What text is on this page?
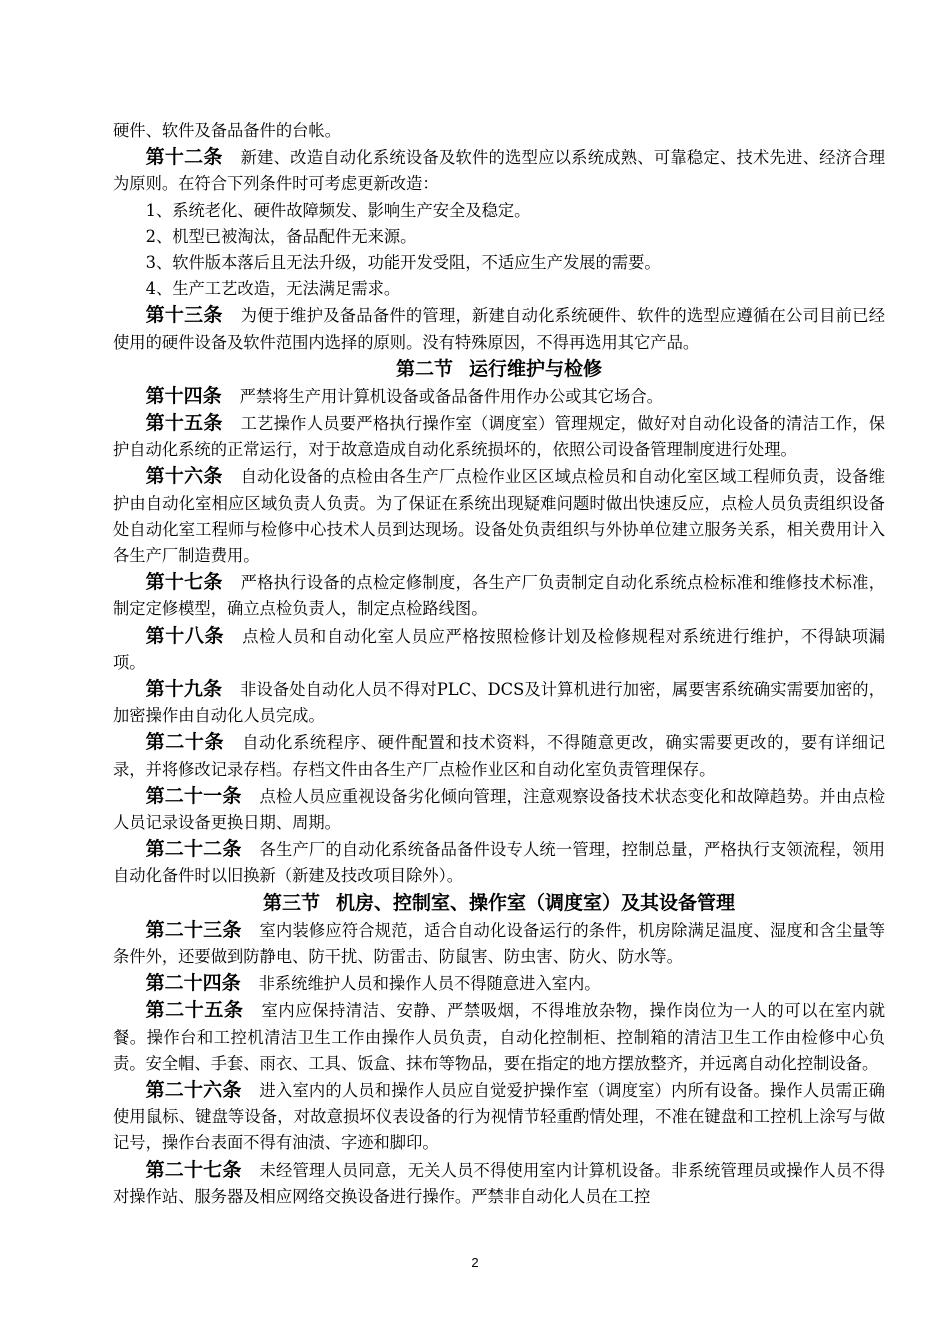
硬件、软件及备品备件的台帐。

第十二条 新建、改造自动化系统设备及软件的选型应以系统成熟、可靠稳定、技术先进、经济合理为原则。在符合下列条件时可考虑更新改造：

1、系统老化、硬件故障频发、影响生产安全及稳定。

2、机型已被淘汰，备品配件无来源。

3、软件版本落后且无法升级，功能开发受阻，不适应生产发展的需要。

4、生产工艺改造，无法满足需求。

第十三条 为便于维护及备品备件的管理，新建自动化系统硬件、软件的选型应遵循在公司目前已经使用的硬件设备及软件范围内选择的原则。没有特殊原因，不得再选用其它产品。

第二节 运行维护与检修

第十四条 严禁将生产用计算机设备或备品备件用作办公或其它场合。

第十五条 工艺操作人员要严格执行操作室（调度室）管理规定，做好对自动化设备的清洁工作，保护自动化系统的正常运行，对于故意造成自动化系统损坏的，依照公司设备管理制度进行处理。

第十六条 自动化设备的点检由各生产厂点检作业区区域点检员和自动化室区域工程师负责，设备维护由自动化室相应区域负责人负责。为了保证在系统出现疑难问题时做出快速反应，点检人员负责组织设备处自动化室工程师与检修中心技术人员到达现场。设备处负责组织与外协单位建立服务关系，相关费用计入各生产厂制造费用。

第十七条 严格执行设备的点检定修制度，各生产厂负责制定自动化系统点检标准和维修技术标准，制定定修模型，确立点检负责人，制定点检路线图。

第十八条 点检人员和自动化室人员应严格按照检修计划及检修规程对系统进行维护，不得缺项漏项。

第十九条 非设备处自动化人员不得对PLC、DCS及计算机进行加密，属要害系统确实需要加密的，加密操作由自动化人员完成。

第二十条 自动化系统程序、硬件配置和技术资料，不得随意更改，确实需要更改的，要有详细记录，并将修改记录存档。存档文件由各生产厂点检作业区和自动化室负责管理保存。

第二十一条 点检人员应重视设备劣化倾向管理，注意观察设备技术状态变化和故障趋势。并由点检人员记录设备更换日期、周期。

第二十二条 各生产厂的自动化系统备品备件设专人统一管理，控制总量，严格执行支领流程，领用自动化备件时以旧换新（新建及技改项目除外）。

第三节 机房、控制室、操作室（调度室）及其设备管理

第二十三条 室内装修应符合规范，适合自动化设备运行的条件，机房除满足温度、湿度和含尘量等条件外，还要做到防静电、防干扰、防雷击、防鼠害、防虫害、防火、防水等。

第二十四条 非系统维护人员和操作人员不得随意进入室内。

第二十五条 室内应保持清洁、安静、严禁吸烟，不得堆放杂物，操作岗位为一人的可以在室内就餐。操作台和工控机清洁卫生工作由操作人员负责，自动化控制柜、控制箱的清洁卫生工作由检修中心负责。安全帽、手套、雨衣、工具、饭盒、抹布等物品，要在指定的地方摆放整齐，并远离自动化控制设备。

第二十六条 进入室内的人员和操作人员应自觉爱护操作室（调度室）内所有设备。操作人员需正确使用鼠标、键盘等设备，对故意损坏仪表设备的行为视情节轻重酌情处理，不准在键盘和工控机上涂写与做记号，操作台表面不得有油渍、字迹和脚印。

第二十七条 未经管理人员同意，无关人员不得使用室内计算机设备。非系统管理员或操作人员不得对操作站、服务器及相应网络交换设备进行操作。严禁非自动化人员在工控

2
